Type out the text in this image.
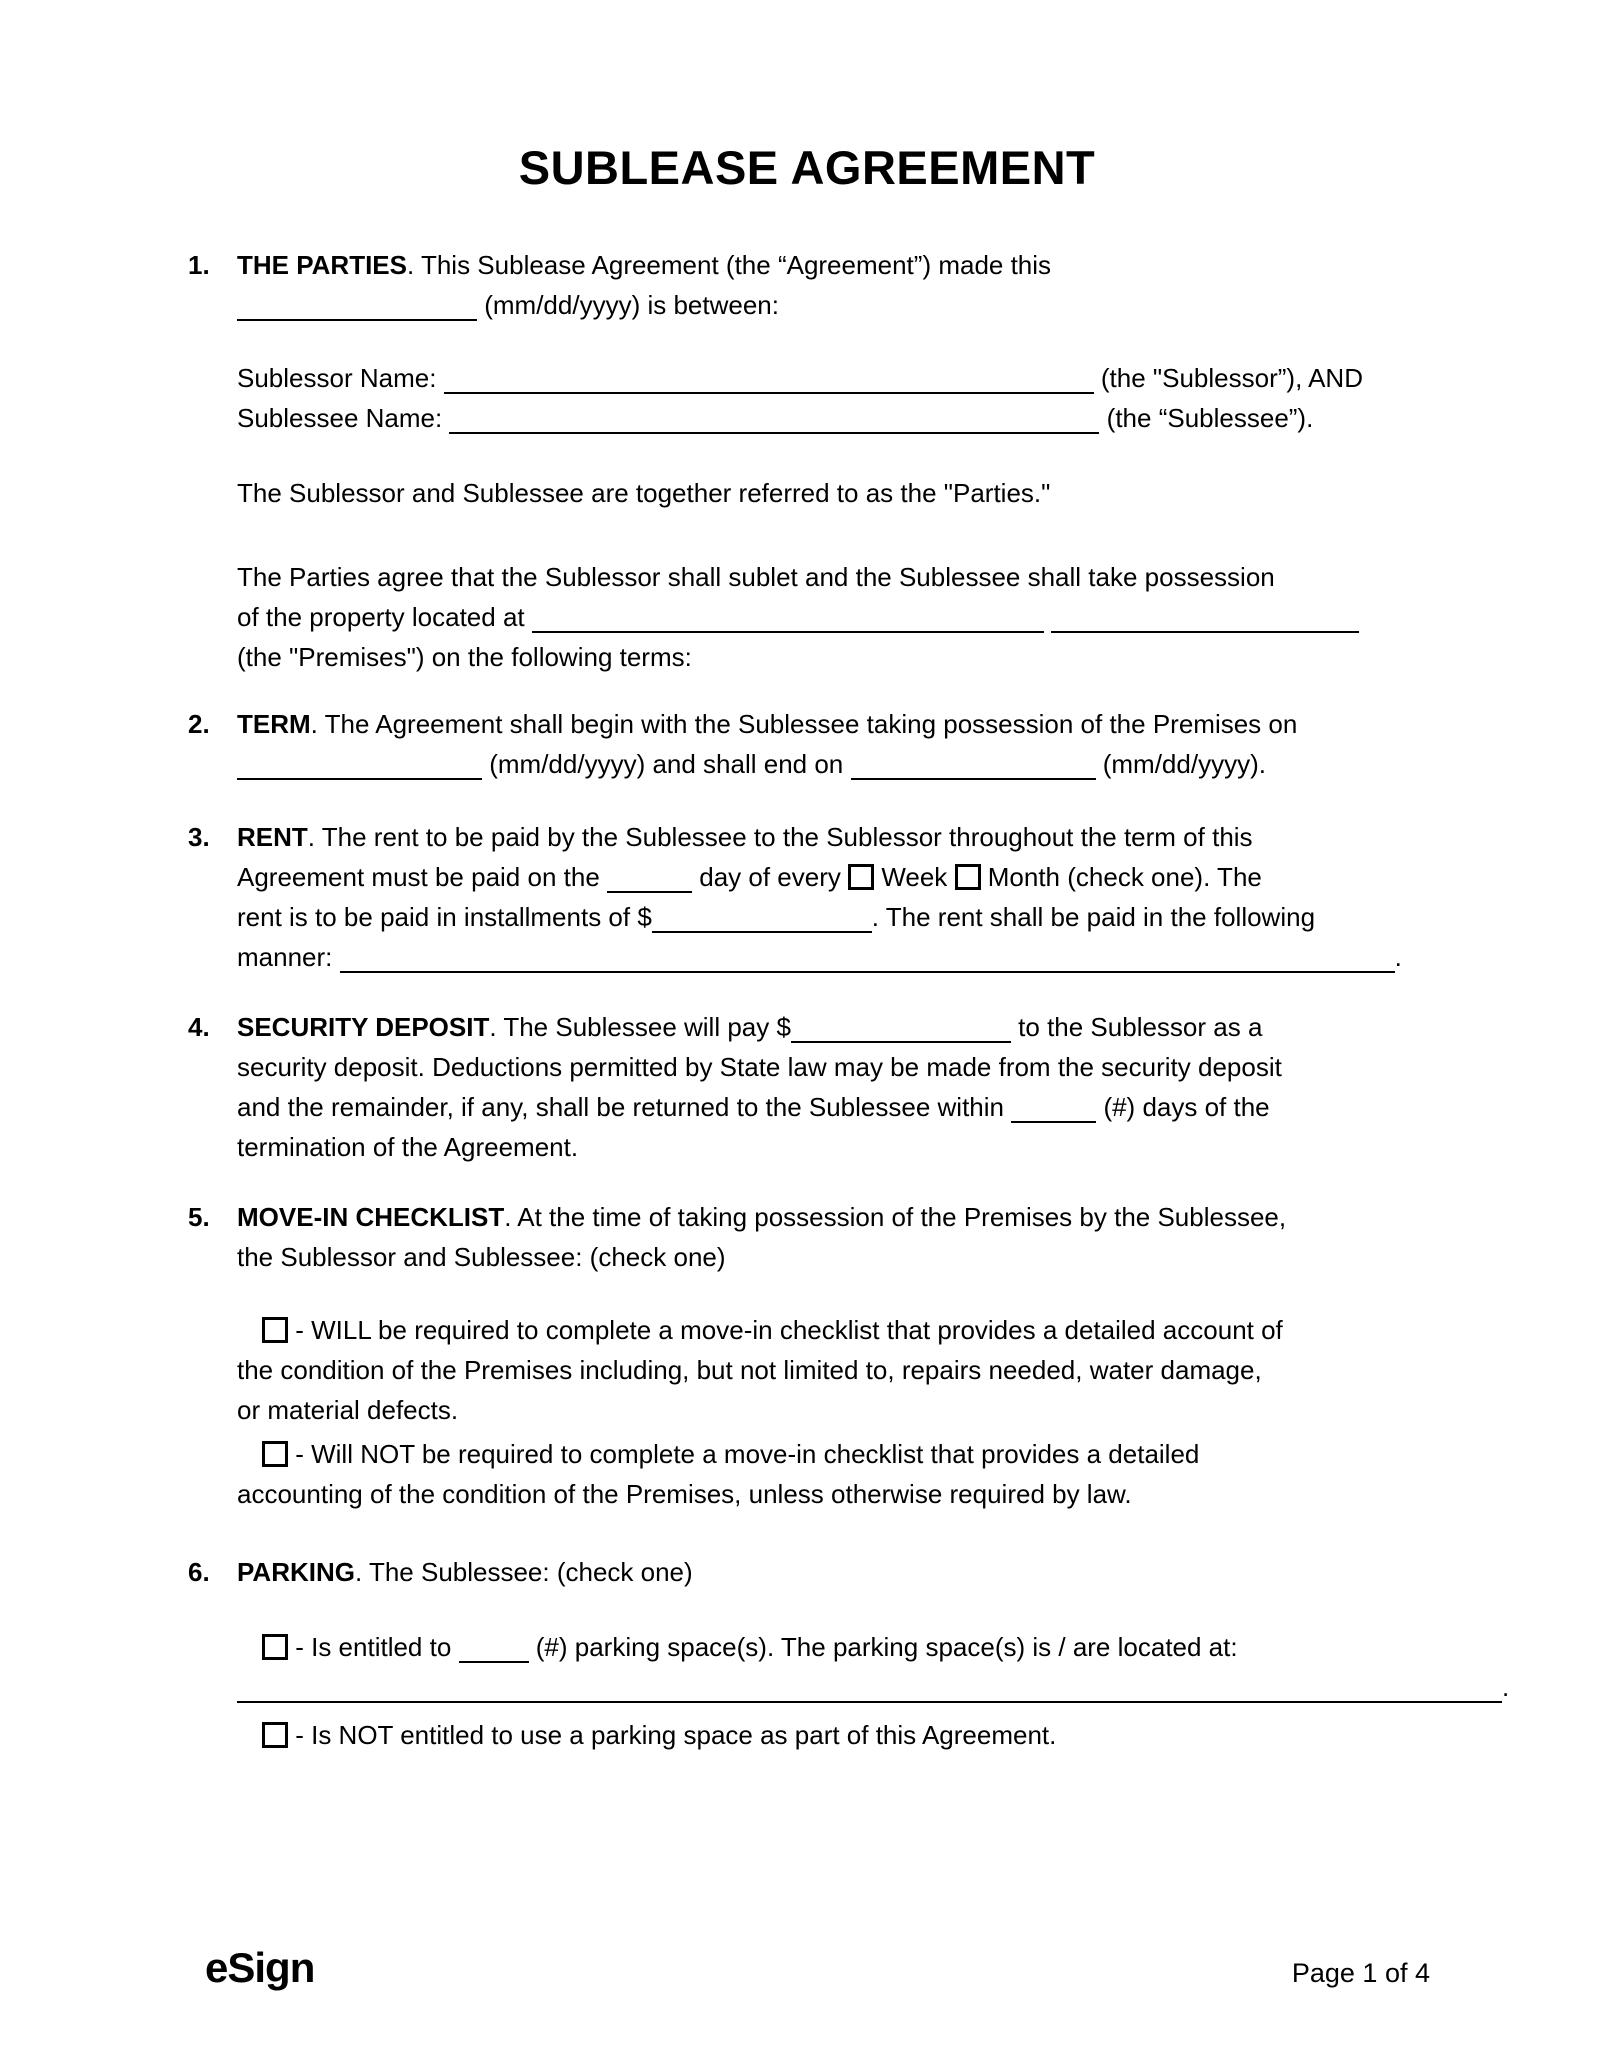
SUBLEASE AGREEMENT
1.	THE PARTIES. This Sublease Agreement (the “Agreement”) made this
(mm/dd/yyyy) is between:
Sublessor Name:	(the "Sublessor”), AND
Sublessee Name:	(the “Sublessee”).
The Sublessor and Sublessee are together referred to as the "Parties."
The Parties agree that the Sublessor shall sublet and the Sublessee shall take possession
of the property located at
(the "Premises") on the following terms:
2.	TERM. The Agreement shall begin with the Sublessee taking possession of the Premises on
(mm/dd/yyyy) and shall end on	(mm/dd/yyyy).
3.	RENT. The rent to be paid by the Sublessee to the Sublessor throughout the term of this
Agreement must be paid on the	day of every  Week  Month (check one). The
rent is to be paid in installments of $	. The rent shall be paid in the following
manner:	.
4.	SECURITY DEPOSIT. The Sublessee will pay $	to the Sublessor as a
security deposit. Deductions permitted by State law may be made from the security deposit
and the remainder, if any, shall be returned to the Sublessee within	(#) days of the
termination of the Agreement.
5.	MOVE-IN CHECKLIST. At the time of taking possession of the Premises by the Sublessee,
the Sublessor and Sublessee: (check one)
- WILL be required to complete a move-in checklist that provides a detailed account of
the condition of the Premises including, but not limited to, repairs needed, water damage,
or material defects.
- Will NOT be required to complete a move-in checklist that provides a detailed
accounting of the condition of the Premises, unless otherwise required by law.
6.	PARKING. The Sublessee: (check one)
- Is entitled to	(#) parking space(s). The parking space(s) is / are located at:
.
- Is NOT entitled to use a parking space as part of this Agreement.
eSign	Page 1 of 4
